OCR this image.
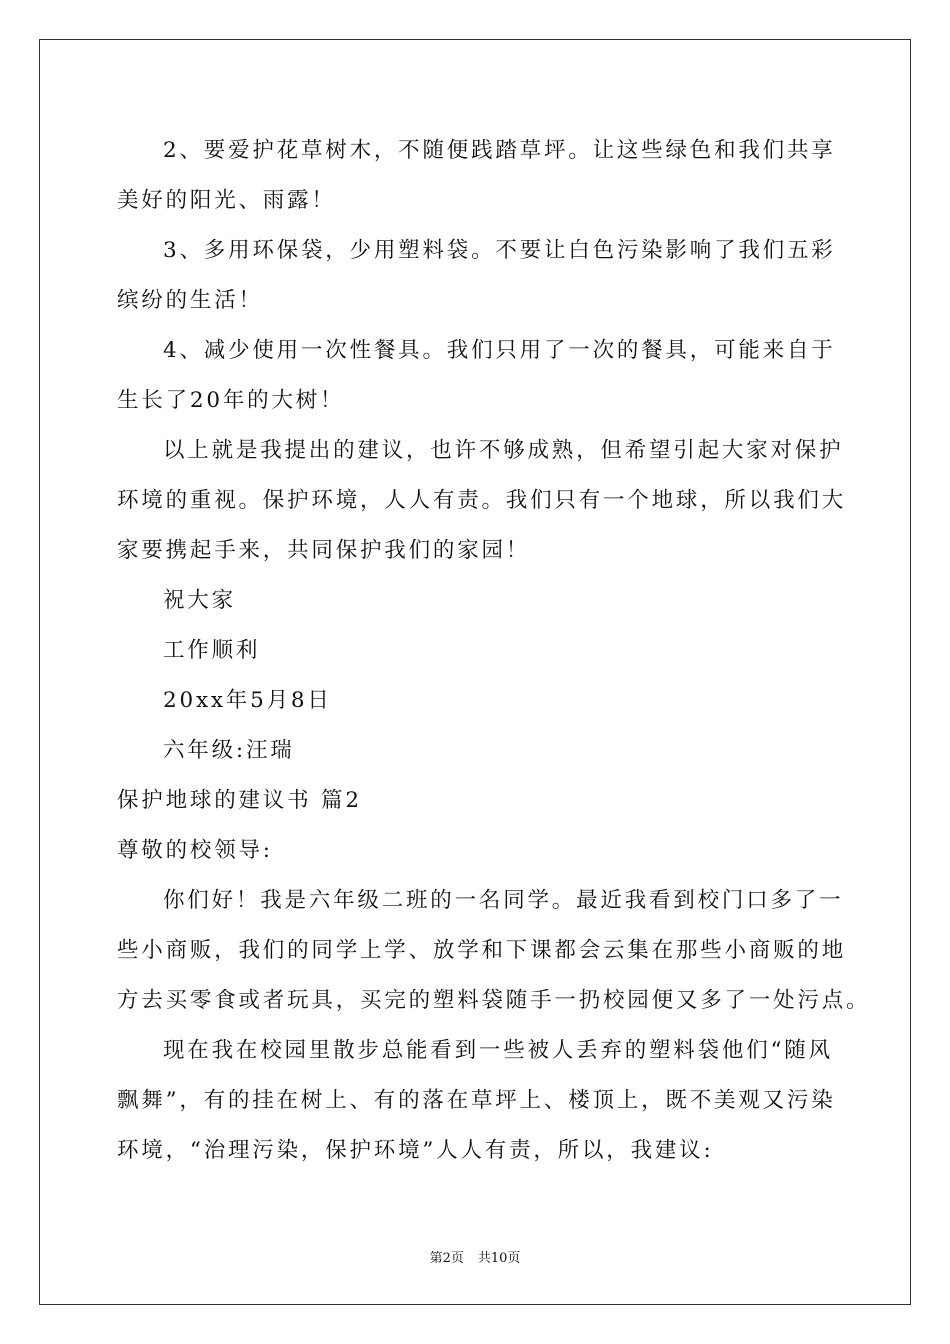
2、要爱护花草树木，不随便践踏草坪。让这些绿色和我们共享
美好的阳光、雨露！
3、多用环保袋，少用塑料袋。不要让白色污染影响了我们五彩
缤纷的生活！
4、减少使用一次性餐具。我们只用了一次的餐具，可能来自于
生长了20年的大树！
以上就是我提出的建议，也许不够成熟，但希望引起大家对保护
环境的重视。保护环境，人人有责。我们只有一个地球，所以我们大
家要携起手来，共同保护我们的家园！
祝大家
工作顺利
20xx年5月8日
六年级:汪瑞
保护地球的建议书 篇2
尊敬的校领导:
你们好！我是六年级二班的一名同学。最近我看到校门口多了一
些小商贩，我们的同学上学、放学和下课都会云集在那些小商贩的地
方去买零食或者玩具，买完的塑料袋随手一扔校园便又多了一处污点。
现在我在校园里散步总能看到一些被人丢弃的塑料袋他们“随风
飘舞”，有的挂在树上、有的落在草坪上、楼顶上，既不美观又污染
环境，“治理污染，保护环境”人人有责，所以，我建议:
第2页 共10页
